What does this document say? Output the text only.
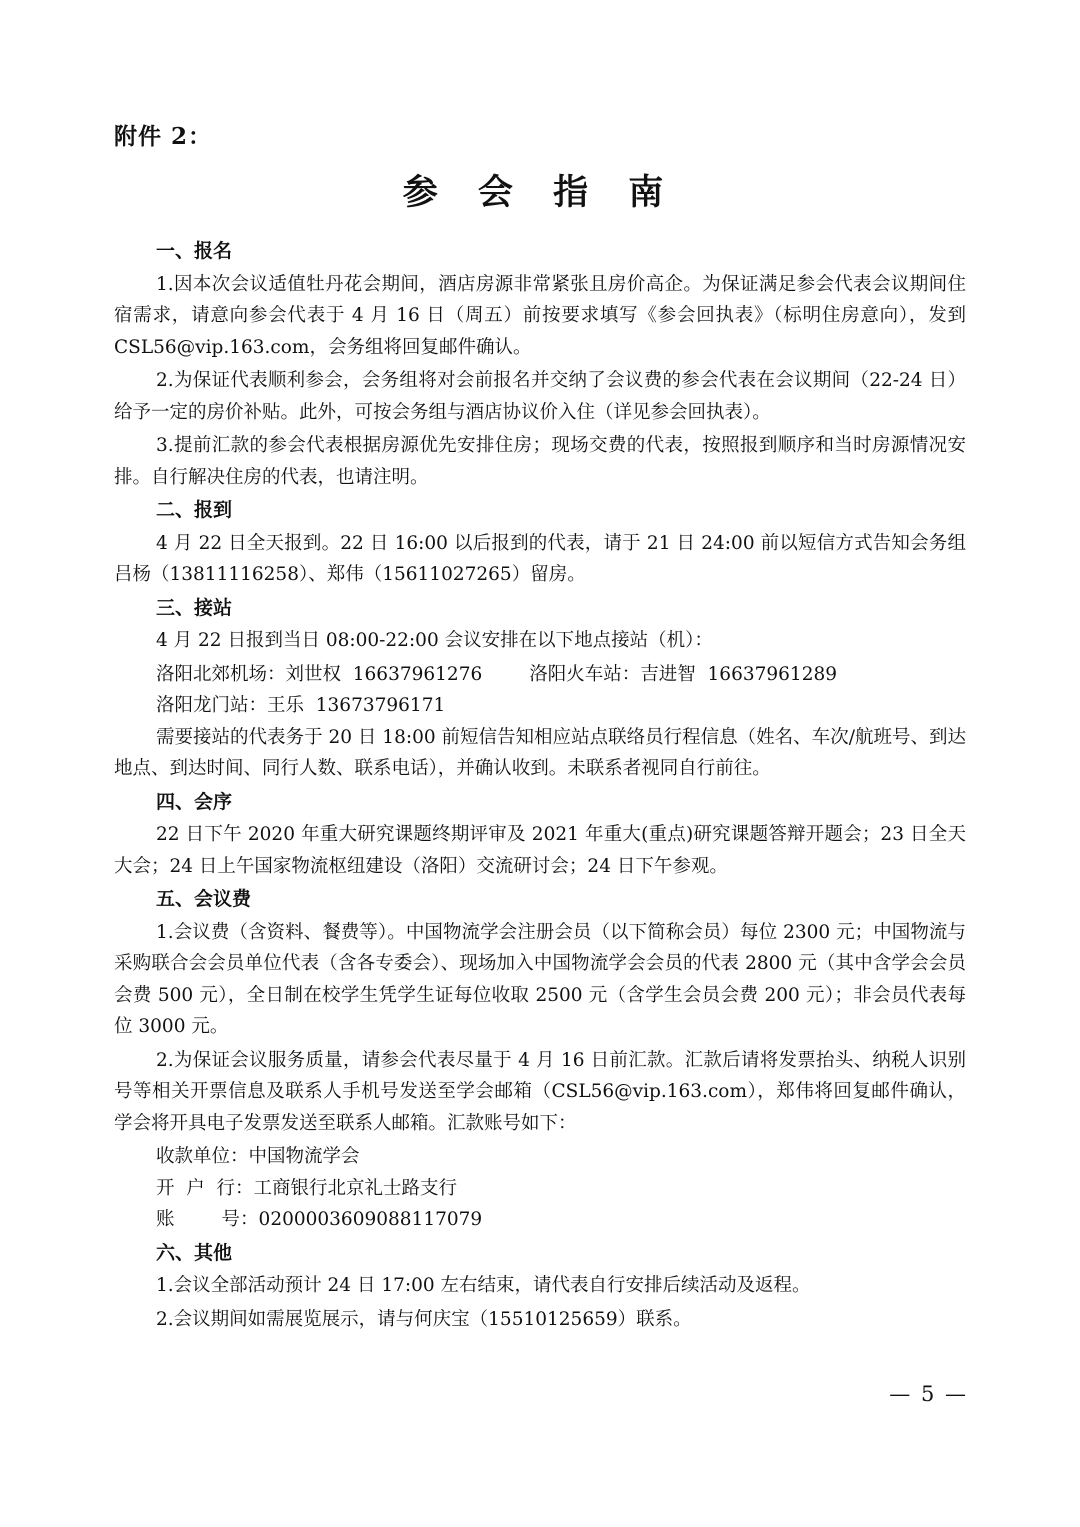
附件 2：
参 会 指 南
一、报名
1.因本次会议适值牡丹花会期间，酒店房源非常紧张且房价高企。为保证满足参会代表会议期间住宿需求，请意向参会代表于 4 月 16 日（周五）前按要求填写《参会回执表》（标明住房意向），发到 CSL56@vip.163.com，会务组将回复邮件确认。
2.为保证代表顺利参会，会务组将对会前报名并交纳了会议费的参会代表在会议期间（22-24 日）给予一定的房价补贴。此外，可按会务组与酒店协议价入住（详见参会回执表）。
3.提前汇款的参会代表根据房源优先安排住房；现场交费的代表，按照报到顺序和当时房源情况安排。自行解决住房的代表，也请注明。
二、报到
4 月 22 日全天报到。22 日 16:00 以后报到的代表，请于 21 日 24:00 前以短信方式告知会务组吕杨（13811116258）、郑伟（15611027265）留房。
三、接站
4 月 22 日报到当日 08:00-22:00 会议安排在以下地点接站（机）：
洛阳北郊机场：刘世权  16637961276        洛阳火车站：吉进智  16637961289
洛阳龙门站：王乐  13673796171
需要接站的代表务于 20 日 18:00 前短信告知相应站点联络员行程信息（姓名、车次/航班号、到达地点、到达时间、同行人数、联系电话），并确认收到。未联系者视同自行前往。
四、会序
22 日下午 2020 年重大研究课题终期评审及 2021 年重大(重点)研究课题答辩开题会；23 日全天大会；24 日上午国家物流枢纽建设（洛阳）交流研讨会；24 日下午参观。
五、会议费
1.会议费（含资料、餐费等）。中国物流学会注册会员（以下简称会员）每位 2300 元；中国物流与采购联合会会员单位代表（含各专委会）、现场加入中国物流学会会员的代表 2800 元（其中含学会会员会费 500 元），全日制在校学生凭学生证每位收取 2500 元（含学生会员会费 200 元）；非会员代表每位 3000 元。
2.为保证会议服务质量，请参会代表尽量于 4 月 16 日前汇款。汇款后请将发票抬头、纳税人识别号等相关开票信息及联系人手机号发送至学会邮箱（CSL56@vip.163.com），郑伟将回复邮件确认，学会将开具电子发票发送至联系人邮箱。汇款账号如下：
收款单位：中国物流学会
开  户  行：工商银行北京礼士路支行
账        号：0200003609088117079
六、其他
1.会议全部活动预计 24 日 17:00 左右结束，请代表自行安排后续活动及返程。
2.会议期间如需展览展示，请与何庆宝（15510125659）联系。
— 5 —
